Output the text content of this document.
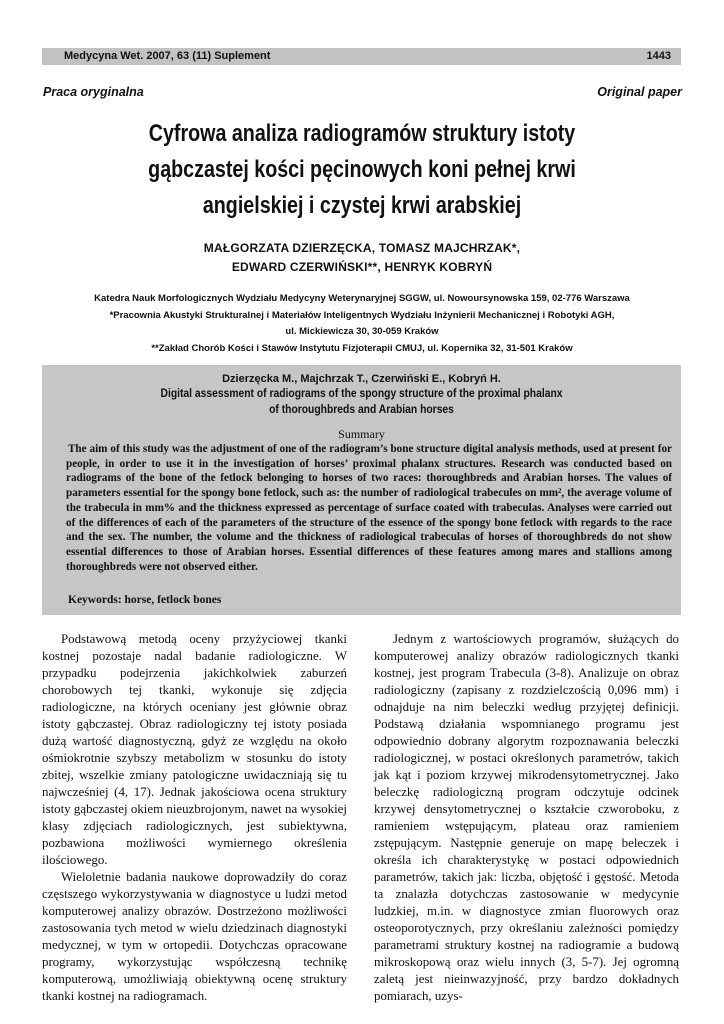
Medycyna Wet. 2007, 63 (11) Suplement	1443
Praca oryginalna	Original paper
Cyfrowa analiza radiogramów struktury istoty
gąbczastej kości pęcinowych koni pełnej krwi
angielskiej i czystej krwi arabskiej
MAŁGORZATA DZIERZĘCKA, TOMASZ MAJCHRZAK*,
EDWARD CZERWIŃSKI**, HENRYK KOBRYŃ
Katedra Nauk Morfologicznych Wydziału Medycyny Weterynaryjnej SGGW, ul. Nowoursynowska 159, 02-776 Warszawa
*Pracownia Akustyki Strukturalnej i Materiałów Inteligentnych Wydziału Inżynierii Mechanicznej i Robotyki AGH,
ul. Mickiewicza 30, 30-059 Kraków
**Zakład Chorób Kości i Stawów Instytutu Fizjoterapii CMUJ, ul. Kopernika 32, 31-501 Kraków
Dzierzęcka M., Majchrzak T., Czerwiński E., Kobryń H.
Digital assessment of radiograms of the spongy structure of the proximal phalanx
of thoroughbreds and Arabian horses
Summary
The aim of this study was the adjustment of one of the radiogram’s bone structure digital analysis methods, used at present for people, in order to use it in the investigation of horses’ proximal phalanx structures. Research was conducted based on radiograms of the bone of the fetlock belonging to horses of two races: thoroughbreds and Arabian horses. The values of parameters essential for the spongy bone fetlock, such as: the number of radiological trabecules on mm², the average volume of the trabecula in mm% and the thickness expressed as percentage of surface coated with trabeculas. Analyses were carried out of the differences of each of the parameters of the structure of the essence of the spongy bone fetlock with regards to the race and the sex. The number, the volume and the thickness of radiological trabeculas of horses of thoroughbreds do not show essential differences to those of Arabian horses. Essential differences of these features among mares and stallions among thoroughbreds were not observed either.
Keywords: horse, fetlock bones

Podstawową metodą oceny przyżyciowej tkanki kostnej pozostaje nadal badanie radiologiczne. W przypadku podejrzenia jakichkolwiek zaburzeń chorobowych tej tkanki, wykonuje się zdjęcia radiologiczne, na których oceniany jest głównie obraz istoty gąbczastej. Obraz radiologiczny tej istoty posiada dużą wartość diagnostyczną, gdyż ze względu na około ośmiokrotnie szybszy metabolizm w stosunku do istoty zbitej, wszelkie zmiany patologiczne uwidaczniają się tu najwcześniej (4, 17). Jednak jakościowa ocena struktury istoty gąbczastej okiem nieuzbrojonym, nawet na wysokiej klasy zdjęciach radiologicznych, jest subiektywna, pozbawiona możliwości wymiernego określenia ilościowego.

Wieloletnie badania naukowe doprowadziły do coraz częstszego wykorzystywania w diagnostyce u ludzi metod komputerowej analizy obrazów. Dostrzeżono możliwości zastosowania tych metod w wielu dziedzinach diagnostyki medycznej, w tym w ortopedii. Dotychczas opracowane programy, wykorzystując współczesną technikę komputerową, umożliwiają obiektywną ocenę struktury tkanki kostnej na radiogramach.

Jednym z wartościowych programów, służących do komputerowej analizy obrazów radiologicznych tkanki kostnej, jest program Trabecula (3-8). Analizuje on obraz radiologiczny (zapisany z rozdzielczością 0,096 mm) i odnajduje na nim beleczki według przyjętej definicji. Podstawą działania wspomnianego programu jest odpowiednio dobrany algorytm rozpoznawania beleczki radiologicznej, w postaci określonych parametrów, takich jak kąt i poziom krzywej mikrodensytometrycznej. Jako beleczkę radiologiczną program odczytuje odcinek krzywej densytometrycznej o kształcie czworoboku, z ramieniem wstępującym, plateau oraz ramieniem zstępującym. Następnie generuje on mapę beleczek i określa ich charakterystykę w postaci odpowiednich parametrów, takich jak: liczba, objętość i gęstość. Metoda ta znalazła dotychczas zastosowanie w medycynie ludzkiej, m.in. w diagnostyce zmian fluorowych oraz osteoporotycznych, przy określaniu zależności pomiędzy parametrami struktury kostnej na radiogramie a budową mikroskopową oraz wielu innych (3, 5-7). Jej ogromną zaletą jest nieinwazyjność, przy bardzo dokładnych pomiarach, uzys-
